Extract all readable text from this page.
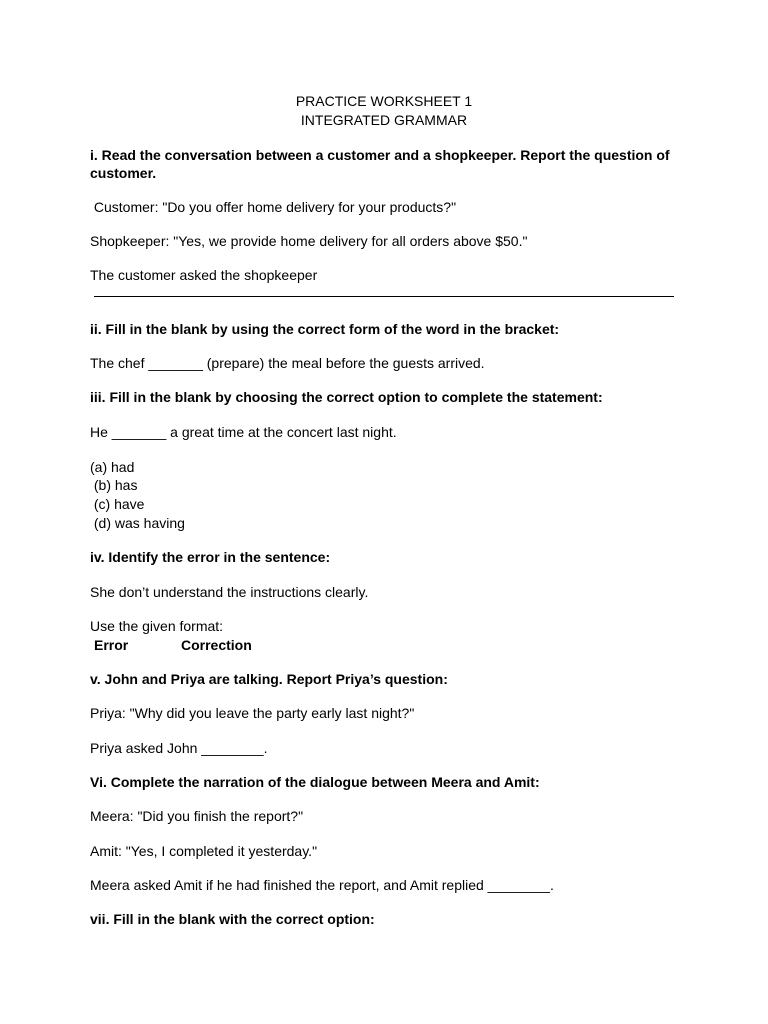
PRACTICE WORKSHEET 1

INTEGRATED GRAMMAR

i. Read the conversation between a customer and a shopkeeper. Report the question of

customer.

Customer: "Do you offer home delivery for your products?"

Shopkeeper: "Yes, we provide home delivery for all orders above $50."

The customer asked the shopkeeper

ii. Fill in the blank by using the correct form of the word in the bracket:

The chef _______ (prepare) the meal before the guests arrived.

iii. Fill in the blank by choosing the correct option to complete the statement:

He _______ a great time at the concert last night.

(a) had

(b) has

(c) have

(d) was having

iv. Identify the error in the sentence:

She don’t understand the instructions clearly.

Use the given format:

Error	Correction

v. John and Priya are talking. Report Priya’s question:

Priya: "Why did you leave the party early last night?"

Priya asked John ________.

Vi. Complete the narration of the dialogue between Meera and Amit:

Meera: "Did you finish the report?"

Amit: "Yes, I completed it yesterday."

Meera asked Amit if he had finished the report, and Amit replied ________.

vii. Fill in the blank with the correct option:
